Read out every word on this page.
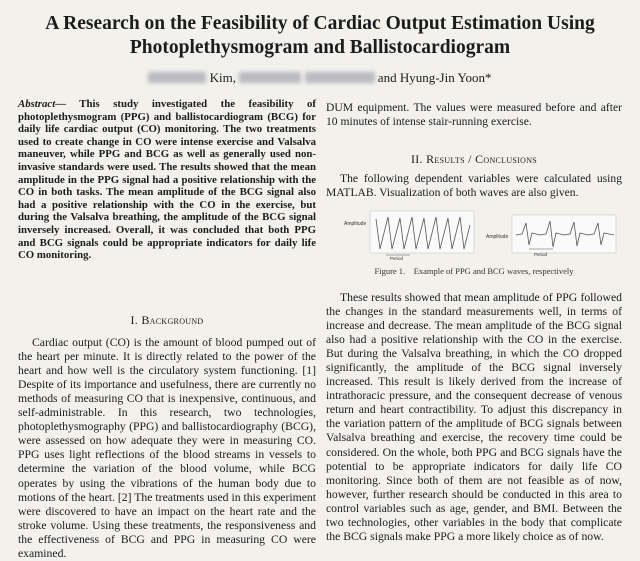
A Research on the Feasibility of Cardiac Output Estimation Using
Photoplethysmogram and Ballistocardiogram
Kim,	and Hyung-Jin Yoon*

Abstract— This study investigated the feasibility of photoplethysmogram (PPG) and ballistocardiogram (BCG) for daily life cardiac output (CO) monitoring. The two treatments used to create change in CO were intense exercise and Valsalva maneuver, while PPG and BCG as well as generally used non-invasive standards were used. The results showed that the mean amplitude in the PPG signal had a positive relationship with the CO in both tasks. The mean amplitude of the BCG signal also had a positive relationship with the CO in the exercise, but during the Valsalva breathing, the amplitude of the BCG signal inversely increased. Overall, it was concluded that both PPG and BCG signals could be appropriate indicators for daily life CO monitoring.

I. Background

Cardiac output (CO) is the amount of blood pumped out of the heart per minute. It is directly related to the power of the heart and how well is the circulatory system functioning. [1] Despite of its importance and usefulness, there are currently no methods of measuring CO that is inexpensive, continuous, and self-administrable. In this research, two technologies, photoplethysmography (PPG) and ballistocardiography (BCG), were assessed on how adequate they were in measuring CO. PPG uses light reflections of the blood streams in vessels to determine the variation of the blood volume, while BCG operates by using the vibrations of the human body due to motions of the heart. [2] The treatments used in this experiment were discovered to have an impact on the heart rate and the stroke volume. Using these treatments, the responsiveness and the effectiveness of BCG and PPG in measuring CO were examined.

DUM equipment. The values were measured before and after 10 minutes of intense stair-running exercise.

II. Results / Conclusions

The following dependent variables were calculated using MATLAB. Visualization of both waves are also given.

Amplitude
Period
Amplitude
Period
Figure 1. Example of PPG and BCG waves, respectively

These results showed that mean amplitude of PPG followed the changes in the standard measurements well, in terms of increase and decrease. The mean amplitude of the BCG signal also had a positive relationship with the CO in the exercise. But during the Valsalva breathing, in which the CO dropped significantly, the amplitude of the BCG signal inversely increased. This result is likely derived from the increase of intrathoracic pressure, and the consequent decrease of venous return and heart contractibility. To adjust this discrepancy in the variation pattern of the amplitude of BCG signals between Valsalva breathing and exercise, the recovery time could be considered. On the whole, both PPG and BCG signals have the potential to be appropriate indicators for daily life CO monitoring. Since both of them are not feasible as of now, however, further research should be conducted in this area to control variables such as age, gender, and BMI. Between the two technologies, other variables in the body that complicate the BCG signals make PPG a more likely choice as of now.
